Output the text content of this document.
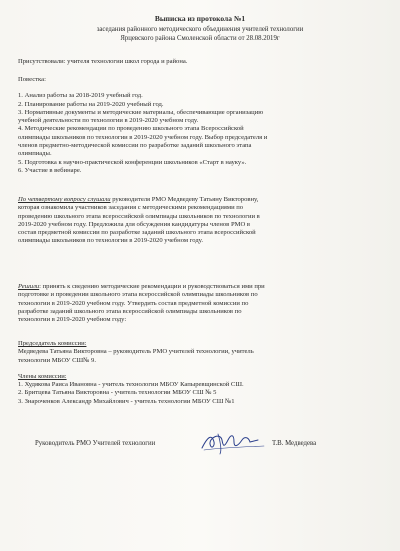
Выписка из протокола №1
заседания районного методического объединения учителей технологии
Ярцевского района Смоленской области от 28.08.2019г
Присутствовали: учителя технологии школ города и района.
Повестка:
1. Анализ работы за 2018-2019 учебный год.
2. Планирование работы на 2019-2020 учебный год.
3. Нормативные документы и методические материалы, обеспечивающие организацию
учебной деятельности по технологии в 2019-2020 учебном году.
4. Методические рекомендации по проведению школьного этапа Всероссийской
олимпиады школьников по технологии в 2019-2020 учебном году. Выбор председателя и
членов предметно-методической комиссии по разработке заданий школьного этапа
олимпиады.
5. Подготовка к научно-практической конференции школьников «Старт в науку».
6. Участие в вебинаре.
По четвертому вопросу слушали руководителя РМО Медведеву Татьяну Викторовну,
которая ознакомила участников заседания с методическими рекомендациями по
проведению школьного этапа всероссийской олимпиады школьников по технологии в
2019-2020 учебном году. Предложила для обсуждения кандидатуры членов РМО в
состав предметной комиссии по разработке заданий школьного этапа всероссийской
олимпиады школьников по технологии в 2019-2020 учебном году.
Решили: принять к сведению методические рекомендации и руководствоваться ими при
подготовке и проведении школьного этапа всероссийской олимпиады школьников по
технологии в 2019-2020 учебном году. Утвердить состав предметной комиссии по
разработке заданий школьного этапа всероссийской олимпиады школьников по
технологии в 2019-2020 учебном году:
Председатель комиссии:
Медведева Татьяна Викторовна – руководитель РМО учителей технологии, учитель
технологии МБОУ СШ№ 9.
Члены комиссии:
1. Худякова Раиса Ивановна - учитель технологии МБОУ Капыревщинской СШ.
2. Бритцева Татьяна Викторовна - учитель технологии МБОУ СШ № 5
3. Знароченков Александр Михайлович - учитель технологии МБОУ СШ №1
Руководитель РМО Учителей технологии	Т.В. Медведева
